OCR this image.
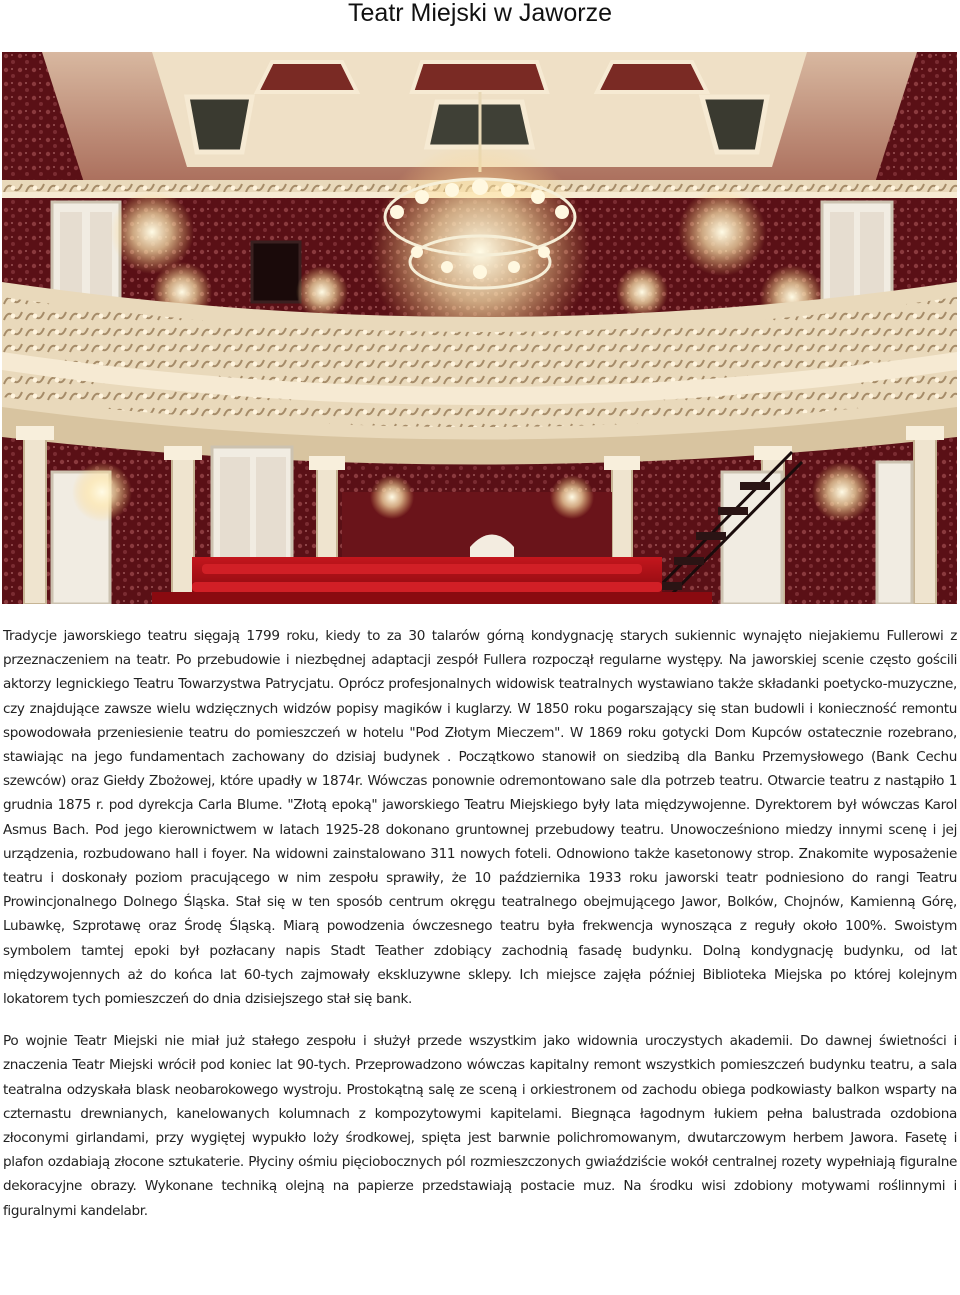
Teatr Miejski w Jaworze

Tradycje jaworskiego teatru sięgają 1799 roku, kiedy to za 30 talarów górną kondygnację starych sukiennic wynajęto niejakiemu Fullerowi z przeznaczeniem na teatr. Po przebudowie i niezbędnej adaptacji zespół Fullera rozpoczął regularne występy. Na jaworskiej scenie często gościli aktorzy legnickiego Teatru Towarzystwa Patrycjatu. Oprócz profesjonalnych widowisk teatralnych wystawiano także składanki poetycko-muzyczne, czy znajdujące zawsze wielu wdzięcznych widzów popisy magików i kuglarzy. W 1850 roku pogarszający się stan budowli i konieczność remontu spowodowała przeniesienie teatru do pomieszczeń w hotelu "Pod Złotym Mieczem". W 1869 roku gotycki Dom Kupców ostatecznie rozebrano, stawiając na jego fundamentach zachowany do dzisiaj budynek . Początkowo stanowił on siedzibą dla Banku Przemysłowego (Bank Cechu szewców) oraz Giełdy Zbożowej, które upadły w 1874r. Wówczas ponownie odremontowano sale dla potrzeb teatru. Otwarcie teatru z nastąpiło 1 grudnia 1875 r. pod dyrekcja Carla Blume. "Złotą epoką" jaworskiego Teatru Miejskiego były lata międzywojenne. Dyrektorem był wówczas Karol Asmus Bach. Pod jego kierownictwem w latach 1925-28 dokonano gruntownej przebudowy teatru. Unowocześniono miedzy innymi scenę i jej urządzenia, rozbudowano hall i foyer. Na widowni zainstalowano 311 nowych foteli. Odnowiono także kasetonowy strop. Znakomite wyposażenie teatru i doskonały poziom pracującego w nim zespołu sprawiły, że 10 października 1933 roku jaworski teatr podniesiono do rangi Teatru Prowincjonalnego Dolnego Śląska. Stał się w ten sposób centrum okręgu teatralnego obejmującego Jawor, Bolków, Chojnów, Kamienną Górę, Lubawkę, Szprotawę oraz Środę Śląską. Miarą powodzenia ówczesnego teatru była frekwencja wynosząca z reguły około 100%. Swoistym symbolem tamtej epoki był pozłacany napis Stadt Teather zdobiący zachodnią fasadę budynku. Dolną kondygnację budynku, od lat międzywojennych aż do końca lat 60-tych zajmowały ekskluzywne sklepy. Ich miejsce zajęła później Biblioteka Miejska po której kolejnym lokatorem tych pomieszczeń do dnia dzisiejszego stał się bank.

Po wojnie Teatr Miejski nie miał już stałego zespołu i służył przede wszystkim jako widownia uroczystych akademii. Do dawnej świetności i znaczenia Teatr Miejski wrócił pod koniec lat 90-tych. Przeprowadzono wówczas kapitalny remont wszystkich pomieszczeń budynku teatru, a sala teatralna odzyskała blask neobarokowego wystroju. Prostokątną salę ze sceną i orkiestronem od zachodu obiega podkowiasty balkon wsparty na czternastu drewnianych, kanelowanych kolumnach z kompozytowymi kapitelami. Biegnąca łagodnym łukiem pełna balustrada ozdobiona złoconymi girlandami, przy wygiętej wypukło loży środkowej, spięta jest barwnie polichromowanym, dwutarczowym herbem Jawora. Fasetę i plafon ozdabiają złocone sztukaterie. Płyciny ośmiu pięciobocznych pól rozmieszczonych gwiaździście wokół centralnej rozety wypełniają figuralne dekoracyjne obrazy. Wykonane techniką olejną na papierze przedstawiają postacie muz. Na środku wisi zdobiony motywami roślinnymi i figuralnymi kandelabr.
